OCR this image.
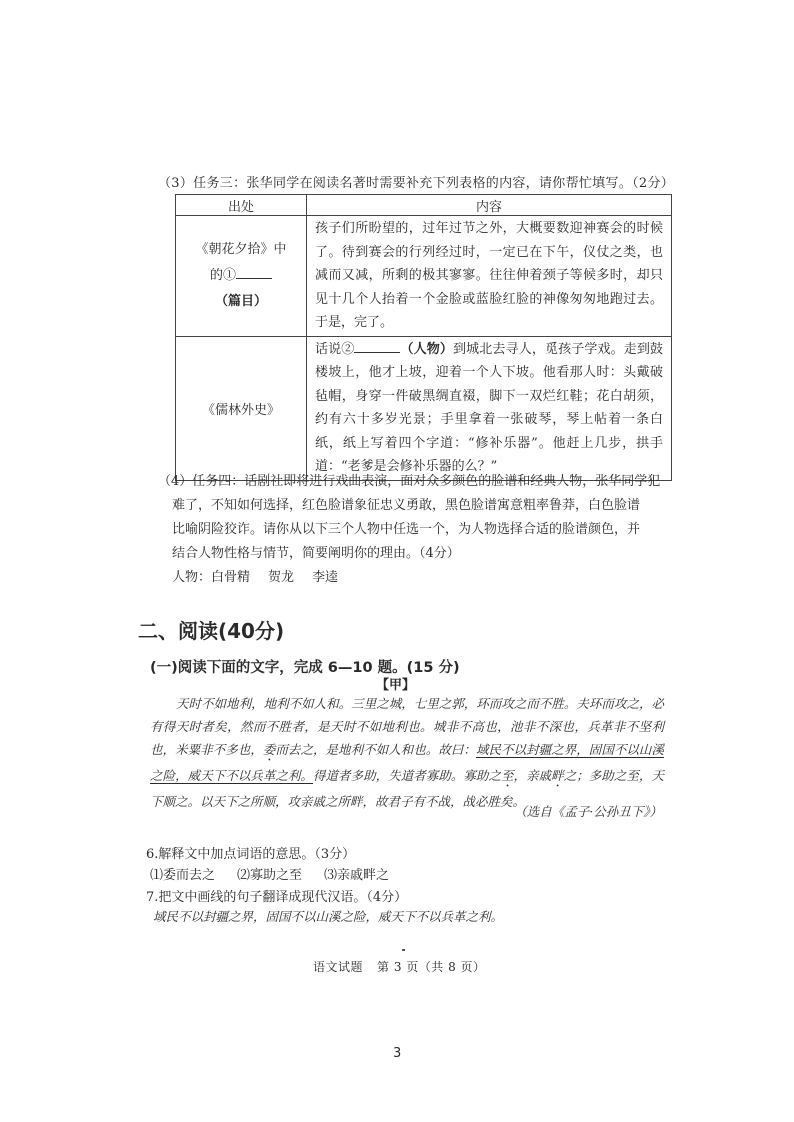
（3）任务三：张华同学在阅读名著时需要补充下列表格的内容，请你帮忙填写。（2分）
出处	内容
《朝花夕拾》中
的①（篇目）	孩子们所盼望的，过年过节之外，大概要数迎神赛会的时候了。待到赛会的行列经过时，一定已在下午，仪仗之类，也减而又减，所剩的极其寥寥。往往伸着颈子等候多时，却只见十几个人抬着一个金脸或蓝脸红脸的神像匆匆地跑过去。于是，完了。
《儒林外史》	话说② （人物）到城北去寻人，觅孩子学戏。走到鼓楼坡上，他才上坡，迎着一个人下坡。他看那人时：头戴破毡帽，身穿一件破黑绸直裰，脚下一双烂红鞋；花白胡须，约有六十多岁光景；手里拿着一张破琴，琴上帖着一条白纸，纸上写着四个字道：“修补乐器”。他赶上几步，拱手道：“老爹是会修补乐器的么？”
（4）任务四：话剧社即将进行戏曲表演，面对众多颜色的脸谱和经典人物，张华同学犯
难了，不知如何选择，红色脸谱象征忠义勇敢，黑色脸谱寓意粗率鲁莽，白色脸谱
比喻阴险狡诈。请你从以下三个人物中任选一个，为人物选择合适的脸谱颜色，并
结合人物性格与情节，简要阐明你的理由。（4分）
人物：白骨精 贺龙 李逵
二、阅读(40分)
(一)阅读下面的文字，完成 6—10 题。(15 分)
【甲】
天时不如地利，地利不如人和。三里之城，七里之郭，环而攻之而不胜。夫环而攻之，必有得天时者矣，然而不胜者，是天时不如地利也。城非不高也，池非不深也，兵革非不坚利也，米粟非不多也，委而去之，是地利不如人和也。故曰：域民不以封疆之界，固国不以山溪之险，威天下不以兵革之利。得道者多助，失道者寡助。寡助之至，亲戚畔之；多助之至，天下顺之。以天下之所顺，攻亲戚之所畔，故君子有不战，战必胜矣。
（选自《孟子·公孙丑下》）
6.解释文中加点词语的意思。（3分）
⑴委而去之 ⑵寡助之至 ⑶亲戚畔之
7.把文中画线的句子翻译成现代汉语。（4分）
域民不以封疆之界，固国不以山溪之险，威天下不以兵革之利。
语文试题 第 3 页（共 8 页）
3
